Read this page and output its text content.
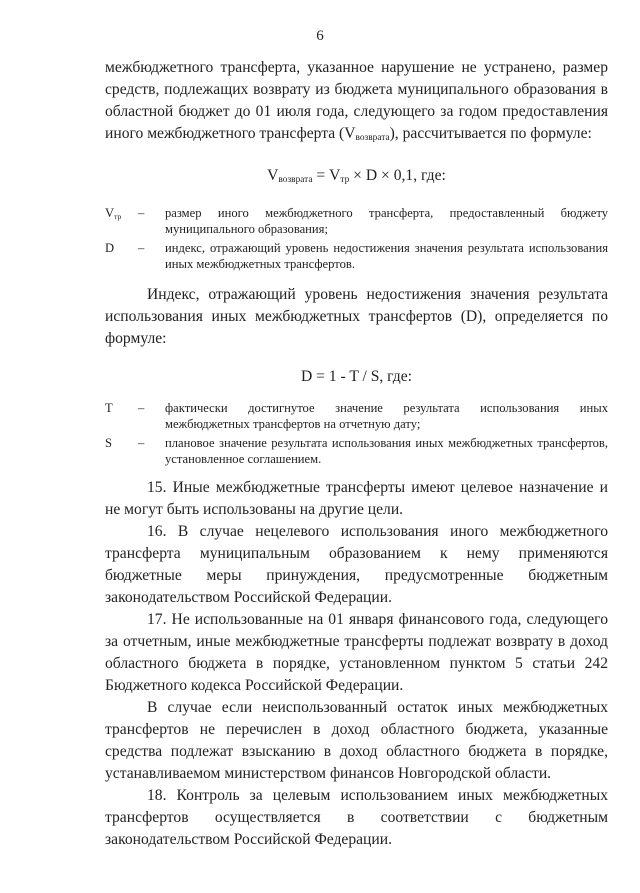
6

межбюджетного трансферта, указанное нарушение не устранено, размер средств, подлежащих возврату из бюджета муниципального образования в областной бюджет до 01 июля года, следующего за годом предоставления иного межбюджетного трансферта $(V_{возврата})$, рассчитывается по формуле:

$V_{возврата} = V_{тр} \times D \times 0,1$, где:
$V_{тр}$	–	размер иного межбюджетного трансферта, предоставленный бюджету муниципального образования;
D	–	индекс, отражающий уровень недостижения значения результата использования иных межбюджетных трансфертов.

Индекс, отражающий уровень недостижения значения результата использования иных межбюджетных трансфертов (D), определяется по формуле:

D = 1 - T / S, где:
T	–	фактически достигнутое значение результата использования иных межбюджетных трансфертов на отчетную дату;
S	–	плановое значение результата использования иных межбюджетных трансфертов, установленное соглашением.

15. Иные межбюджетные трансферты имеют целевое назначение и не могут быть использованы на другие цели.

16. В случае нецелевого использования иного межбюджетного трансферта муниципальным образованием к нему применяются бюджетные меры принуждения, предусмотренные бюджетным законодательством Российской Федерации.

17. Не использованные на 01 января финансового года, следующего за отчетным, иные межбюджетные трансферты подлежат возврату в доход областного бюджета в порядке, установленном пунктом 5 статьи 242 Бюджетного кодекса Российской Федерации.

В случае если неиспользованный остаток иных межбюджетных трансфертов не перечислен в доход областного бюджета, указанные средства подлежат взысканию в доход областного бюджета в порядке, устанавливаемом министерством финансов Новгородской области.

18. Контроль за целевым использованием иных межбюджетных трансфертов осуществляется в соответствии с бюджетным законодательством Российской Федерации.
